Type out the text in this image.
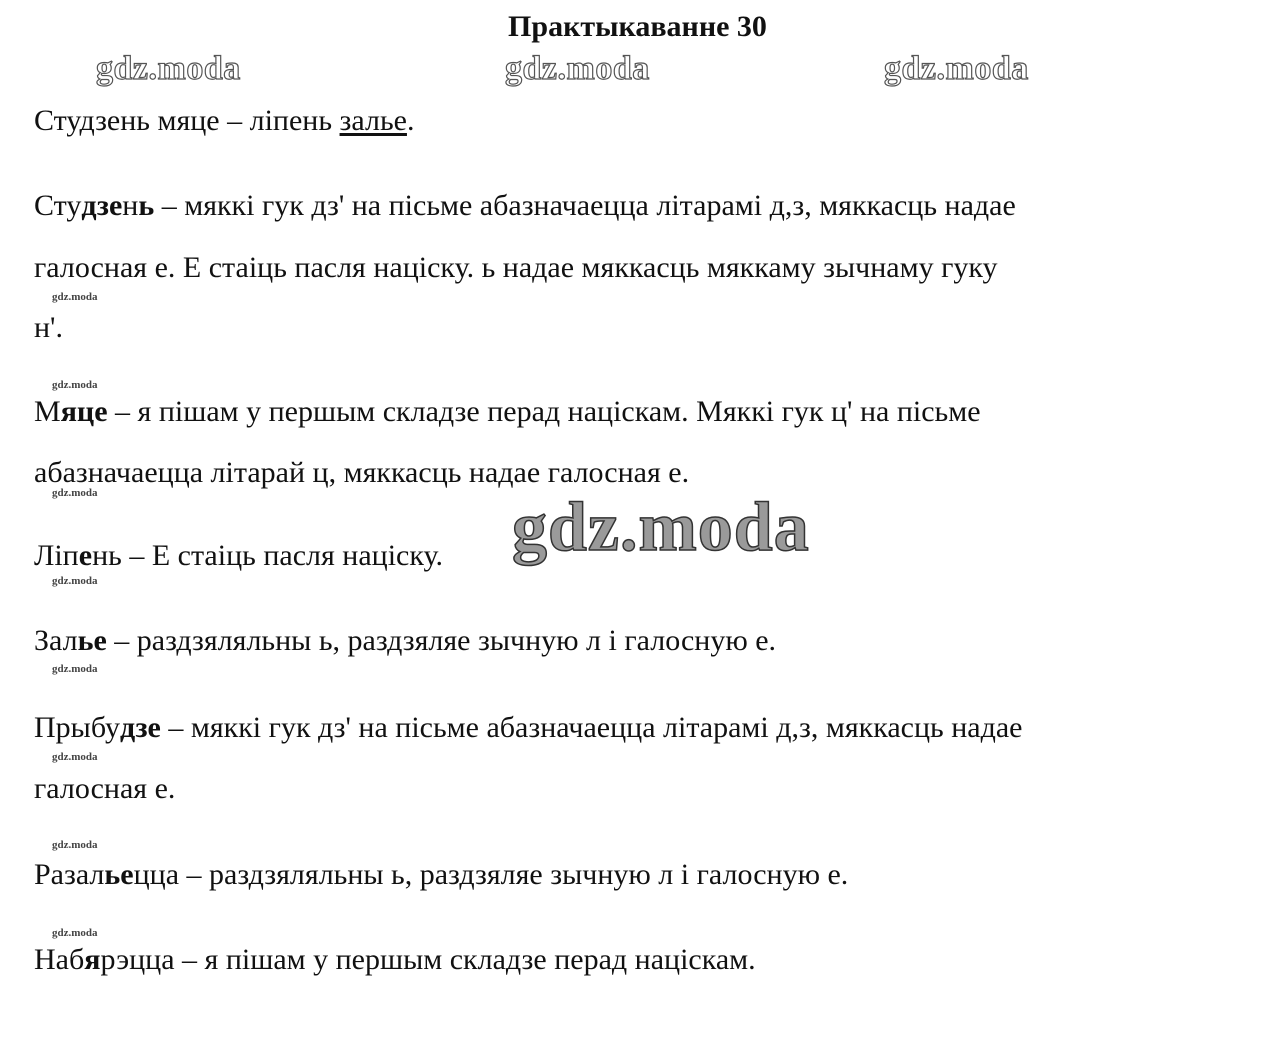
Практыкаванне 30
gdz.moda	gdz.moda	gdz.moda
Студзень мяце – ліпень залье.
Студзень – мяккі гук дз' на пісьме абазначаецца літарамі д,з, мяккасць надае
галосная е. Е стаіць пасля націску. ь надае мяккасць мяккаму зычнаму гуку
gdz.moda
н'.
gdz.moda
Мяце – я пішам у першым складзе перад націскам. Мяккі гук ц' на пісьме
абазначаецца літарай ц, мяккасць надае галосная е.
gdz.moda	gdz.moda
Ліпень – Е стаіць пасля націску.
gdz.moda
Залье – раздзяляльны ь, раздзяляе зычную л і галосную е.
gdz.moda
Прыбудзе – мяккі гук дз' на пісьме абазначаецца літарамі д,з, мяккасць надае
gdz.moda
галосная е.
gdz.moda
Разальецца – раздзяляльны ь, раздзяляе зычную л і галосную е.
gdz.moda
Набярэцца – я пішам у першым складзе перад націскам.
